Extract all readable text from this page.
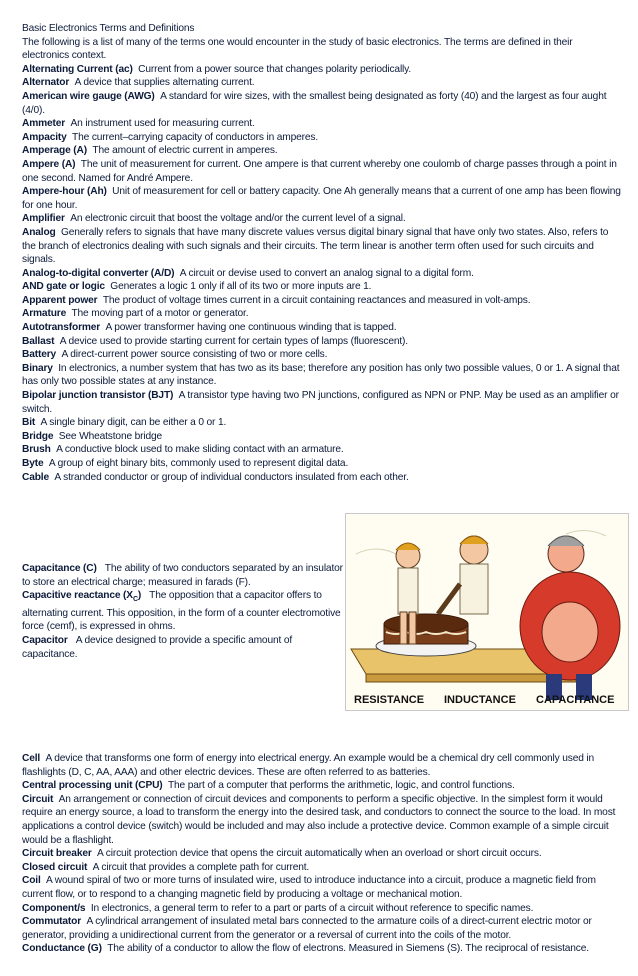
Basic Electronics Terms and Definitions

The following is a list of many of the terms one would encounter in the study of basic electronics. The terms are defined in their electronics context.

Alternating Current (ac) Current from a power source that changes polarity periodically.

Alternator A device that supplies alternating current.

American wire gauge (AWG) A standard for wire sizes, with the smallest being designated as forty (40) and the largest as four aught (4/0).

Ammeter An instrument used for measuring current.

Ampacity The current–carrying capacity of conductors in amperes.

Amperage (A) The amount of electric current in amperes.

Ampere (A) The unit of measurement for current. One ampere is that current whereby one coulomb of charge passes through a point in one second. Named for André Ampere.

Ampere-hour (Ah) Unit of measurement for cell or battery capacity. One Ah generally means that a current of one amp has been flowing for one hour.

Amplifier An electronic circuit that boost the voltage and/or the current level of a signal.

Analog Generally refers to signals that have many discrete values versus digital binary signal that have only two states. Also, refers to the branch of electronics dealing with such signals and their circuits. The term linear is another term often used for such circuits and signals.

Analog-to-digital converter (A/D) A circuit or devise used to convert an analog signal to a digital form.

AND gate or logic Generates a logic 1 only if all of its two or more inputs are 1.

Apparent power The product of voltage times current in a circuit containing reactances and measured in volt-amps.

Armature The moving part of a motor or generator.

Autotransformer A power transformer having one continuous winding that is tapped.

Ballast A device used to provide starting current for certain types of lamps (fluorescent).

Battery A direct-current power source consisting of two or more cells.

Binary In electronics, a number system that has two as its base; therefore any position has only two possible values, 0 or 1. A signal that has only two possible states at any instance.

Bipolar junction transistor (BJT) A transistor type having two PN junctions, configured as NPN or PNP. May be used as an amplifier or switch.

Bit A single binary digit, can be either a 0 or 1.

Bridge See Wheatstone bridge

Brush A conductive block used to make sliding contact with an armature.

Byte A group of eight binary bits, commonly used to represent digital data.

Cable A stranded conductor or group of individual conductors insulated from each other.

Capacitance (C) The ability of two conductors separated by an insulator to store an electrical charge; measured in farads (F).

Capacitive reactance $(X_C)$ The opposition that a capacitor offers to alternating current. This opposition, in the form of a counter electromotive force (cemf), is expressed in ohms.

Capacitor A device designed to provide a specific amount of capacitance.

RESISTANCE INDUCTANCE CAPACITANCE

Cell A device that transforms one form of energy into electrical energy. An example would be a chemical dry cell commonly used in flashlights (D, C, AA, AAA) and other electric devices. These are often referred to as batteries.

Central processing unit (CPU) The part of a computer that performs the arithmetic, logic, and control functions.

Circuit An arrangement or connection of circuit devices and components to perform a specific objective. In the simplest form it would require an energy source, a load to transform the energy into the desired task, and conductors to connect the source to the load. In most applications a control device (switch) would be included and may also include a protective device. Common example of a simple circuit would be a flashlight.

Circuit breaker A circuit protection device that opens the circuit automatically when an overload or short circuit occurs.

Closed circuit A circuit that provides a complete path for current.

Coil A wound spiral of two or more turns of insulated wire, used to introduce inductance into a circuit, produce a magnetic field from current flow, or to respond to a changing magnetic field by producing a voltage or mechanical motion.

Component/s In electronics, a general term to refer to a part or parts of a circuit without reference to specific names.

Commutator A cylindrical arrangement of insulated metal bars connected to the armature coils of a direct-current electric motor or generator, providing a unidirectional current from the generator or a reversal of current into the coils of the motor.

Conductance (G) The ability of a conductor to allow the flow of electrons. Measured in Siemens (S). The reciprocal of resistance.
